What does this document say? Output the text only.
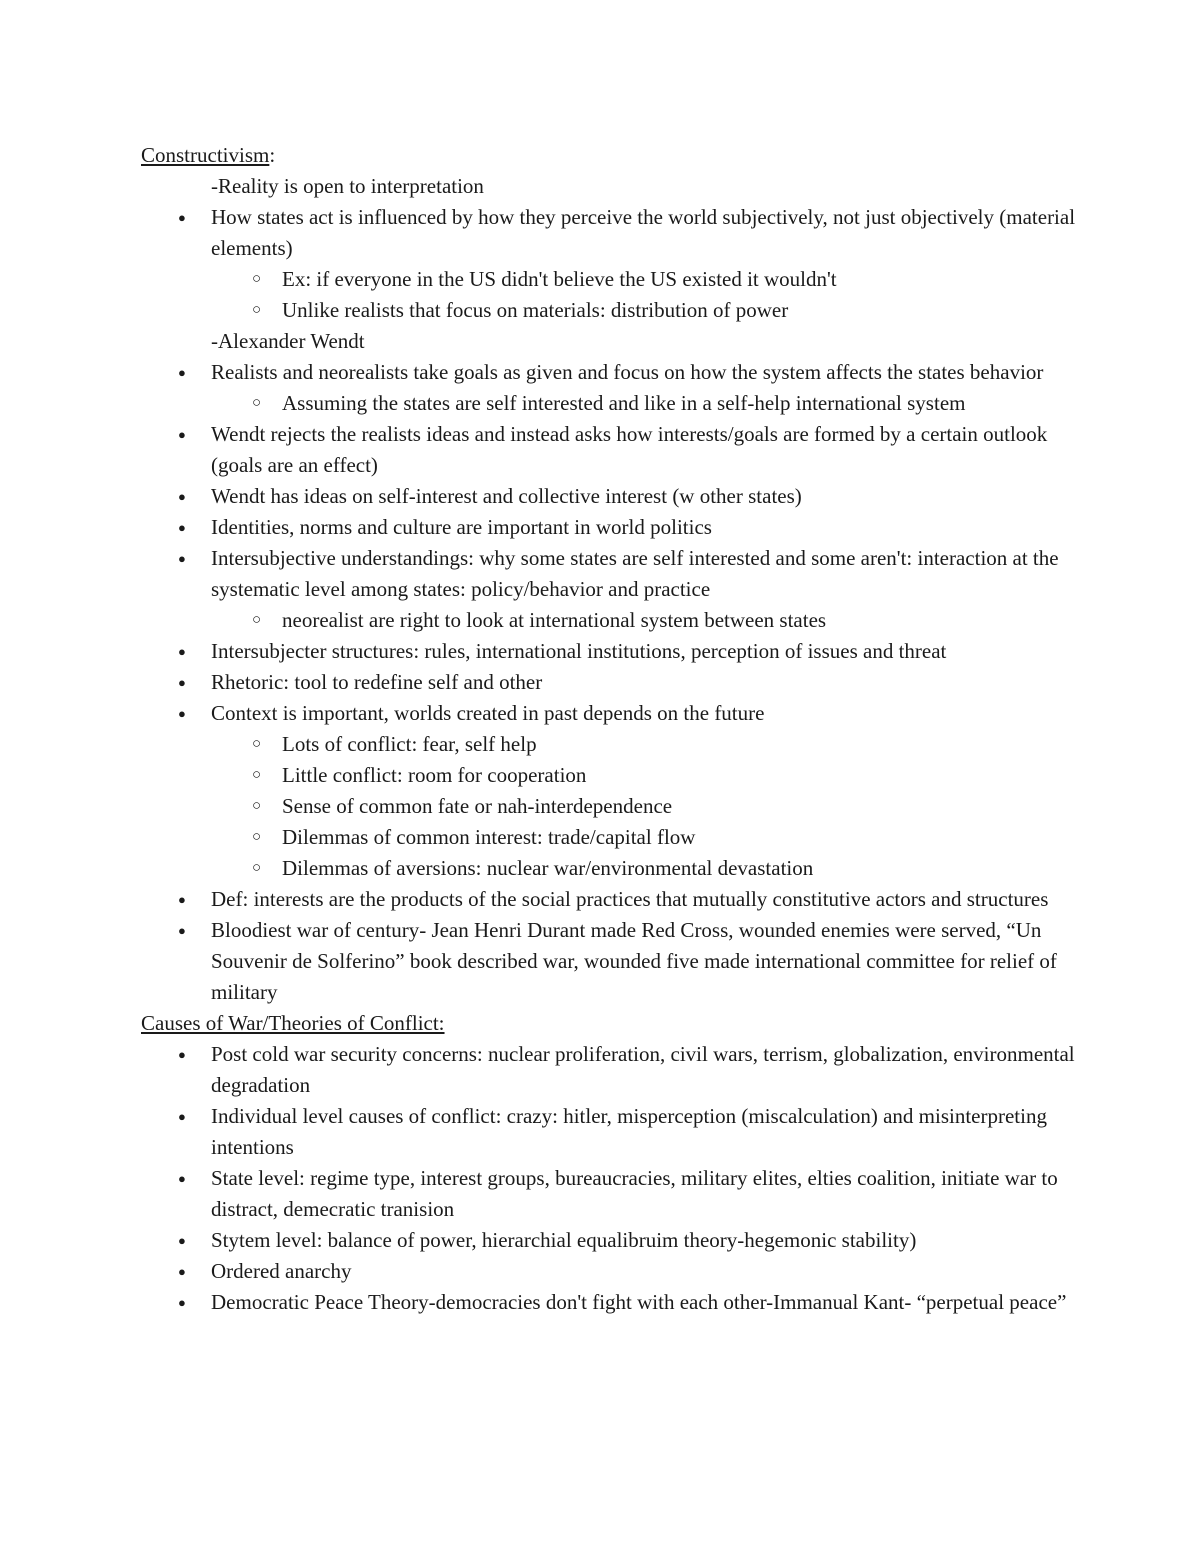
Constructivism:
-Reality is open to interpretation
● How states act is influenced by how they perceive the world subjectively, not just objectively (material elements)
○ Ex: if everyone in the US didn't believe the US existed it wouldn't
○ Unlike realists that focus on materials: distribution of power
-Alexander Wendt
● Realists and neorealists take goals as given and focus on how the system affects the states behavior
○ Assuming the states are self interested and like in a self-help international system
● Wendt rejects the realists ideas and instead asks how interests/goals are formed by a certain outlook (goals are an effect)
● Wendt has ideas on self-interest and collective interest (w other states)
● Identities, norms and culture are important in world politics
● Intersubjective understandings: why some states are self interested and some aren't: interaction at the systematic level among states: policy/behavior and practice
○ neorealist are right to look at international system between states
● Intersubjecter structures: rules, international institutions, perception of issues and threat
● Rhetoric: tool to redefine self and other
● Context is important, worlds created in past depends on the future
○ Lots of conflict: fear, self help
○ Little conflict: room for cooperation
○ Sense of common fate or nah-interdependence
○ Dilemmas of common interest: trade/capital flow
○ Dilemmas of aversions: nuclear war/environmental devastation
● Def: interests are the products of the social practices that mutually constitutive actors and structures
● Bloodiest war of century- Jean Henri Durant made Red Cross, wounded enemies were served, “Un Souvenir de Solferino” book described war, wounded five made international committee for relief of military
Causes of War/Theories of Conflict:
● Post cold war security concerns: nuclear proliferation, civil wars, terrism, globalization, environmental degradation
● Individual level causes of conflict: crazy: hitler, misperception (miscalculation) and misinterpreting intentions
● State level: regime type, interest groups, bureaucracies, military elites, elties coalition, initiate war to distract, demecratic tranision
● Stytem level: balance of power, hierarchial equalibruim theory-hegemonic stability)
● Ordered anarchy
● Democratic Peace Theory-democracies don't fight with each other-Immanual Kant- “perpetual peace”
